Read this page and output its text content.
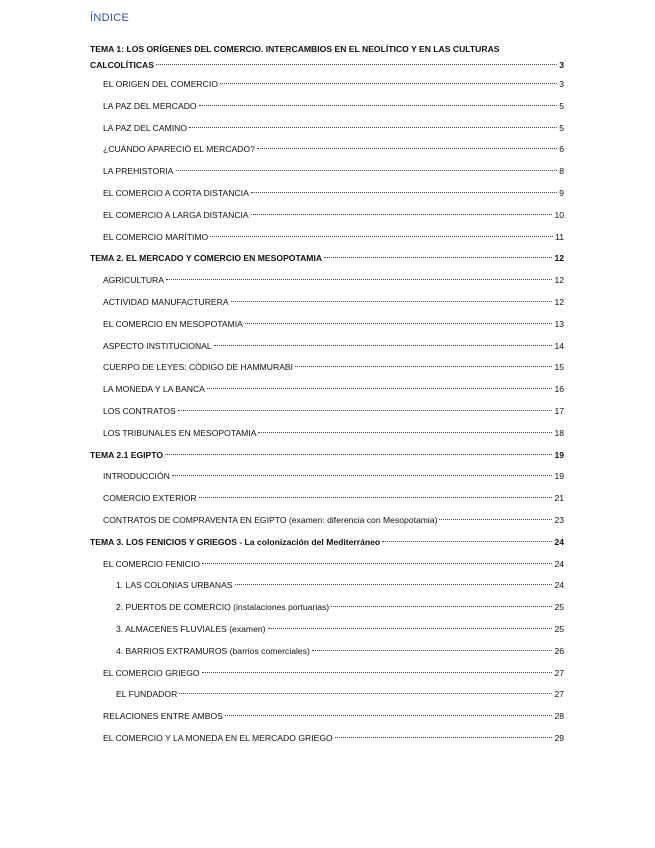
ÍNDICE
TEMA 1: LOS ORÍGENES DEL COMERCIO. INTERCAMBIOS EN EL NEOLÍTICO Y EN LAS CULTURAS
CALCOLÍTICAS	3
EL ORIGEN DEL COMERCIO	3
LA PAZ DEL MERCADO	5
LA PAZ DEL CAMINO	5
¿CUÁNDO APARECIÓ EL MERCADO?	6
LA PREHISTORIA	8
EL COMERCIO A CORTA DISTANCIA	9
EL COMERCIO A LARGA DISTANCIA	10
EL COMERCIO MARÍTIMO	11
TEMA 2. EL MERCADO Y COMERCIO EN MESOPOTAMIA	12
AGRICULTURA	12
ACTIVIDAD MANUFACTURERA	12
EL COMERCIO EN MESOPOTAMIA	13
ASPECTO INSTITUCIONAL	14
CUERPO DE LEYES: CÓDIGO DE HAMMURABI	15
LA MONEDA Y LA BANCA	16
LOS CONTRATOS	17
LOS TRIBUNALES EN MESOPOTAMIA	18
TEMA 2.1 EGIPTO	19
INTRODUCCIÓN	19
COMERCIO EXTERIOR	21
CONTRATOS DE COMPRAVENTA EN EGIPTO (examen: diferencia con Mesopotamia)	23
TEMA 3. LOS FENICIOS Y GRIEGOS - La colonización del Mediterráneo	24
EL COMERCIO FENICIO	24
1. LAS COLONIAS URBANAS	24
2. PUERTOS DE COMERCIO (instalaciones portuarias)	25
3. ALMACENES FLUVIALES (examen)	25
4. BARRIOS EXTRAMUROS (barrios comerciales)	26
EL COMERCIO GRIEGO	27
EL FUNDADOR	27
RELACIONES ENTRE AMBOS	28
EL COMERCIO Y LA MONEDA EN EL MERCADO GRIEGO	29
